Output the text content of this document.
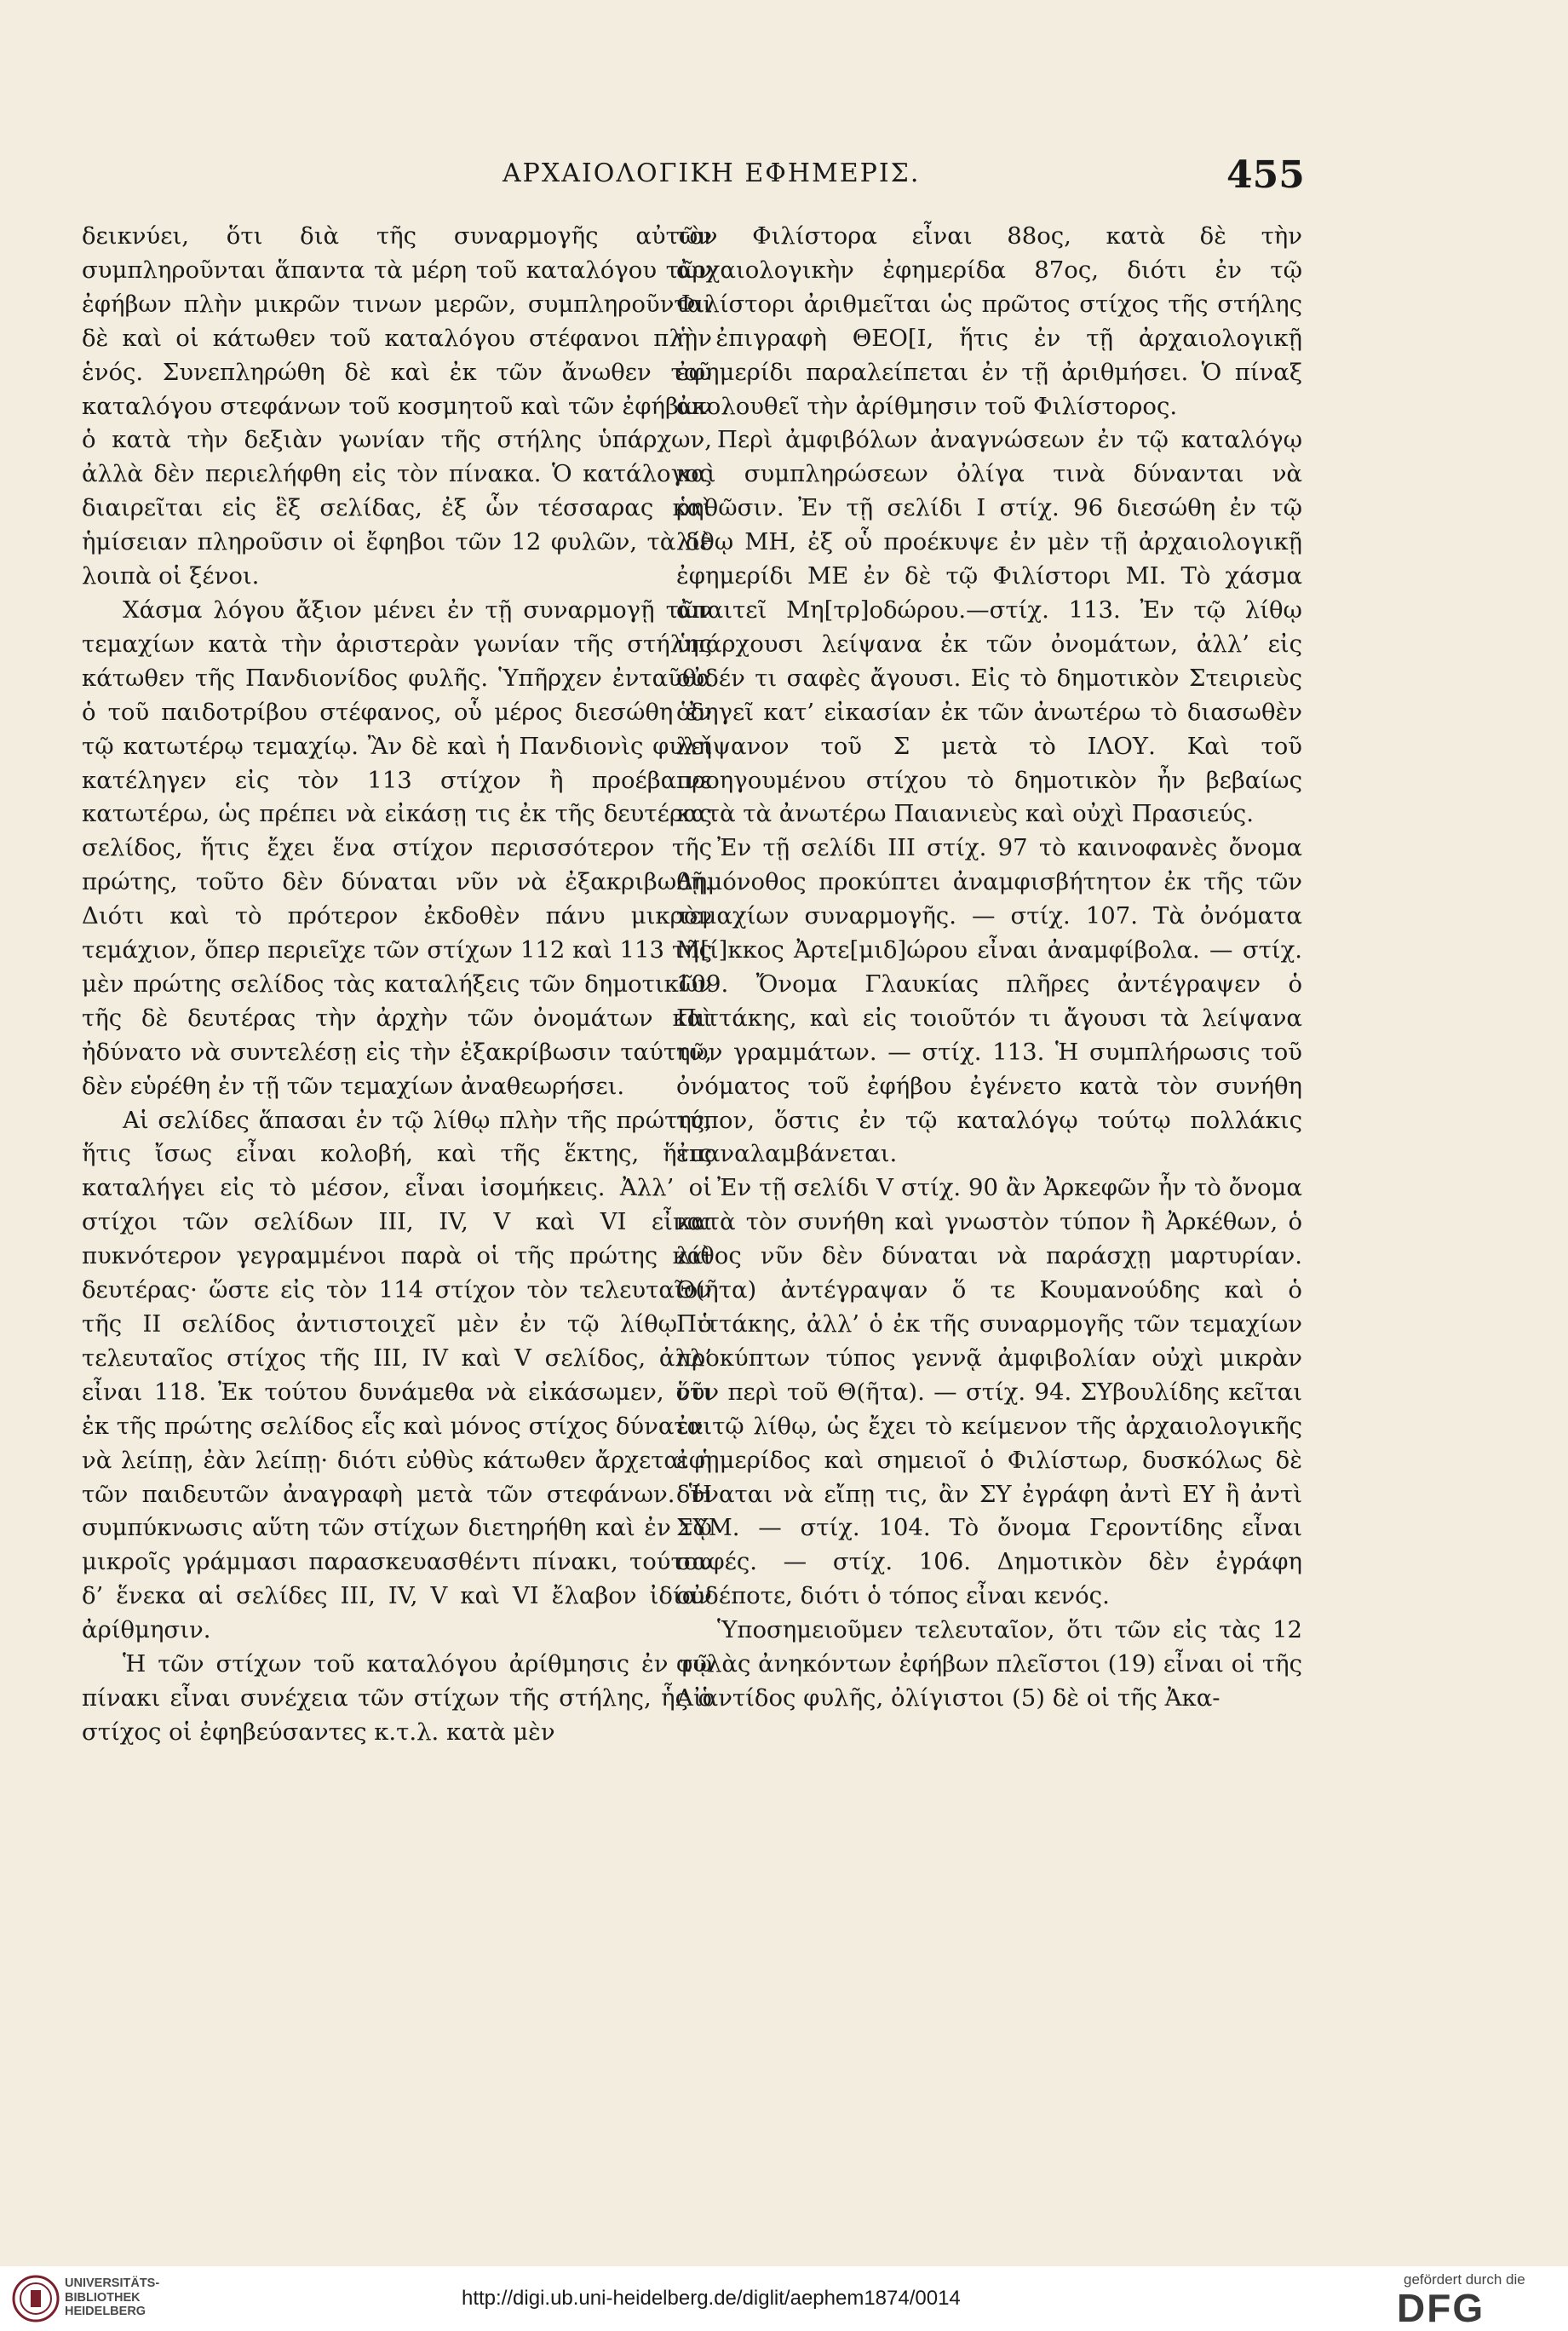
ΑΡΧΑΙΟΛΟΓΙΚΗ ΕΦΗΜΕΡΙΣ.	455

δεικνύει, ὅτι διὰ τῆς συναρμογῆς αὐτῶν συμπληροῦνται ἅπαντα τὰ μέρη τοῦ καταλόγου τῶν ἐφήβων πλὴν μικρῶν τινων μερῶν, συμπληροῦνται δὲ καὶ οἱ κάτωθεν τοῦ καταλόγου στέφανοι πλὴν ἑνός. Συνεπληρώθη δὲ καὶ ἐκ τῶν ἄνωθεν τοῦ καταλόγου στεφάνων τοῦ κοσμητοῦ καὶ τῶν ἐφήβων ὁ κατὰ τὴν δεξιὰν γωνίαν τῆς στήλης ὑπάρχων, ἀλλὰ δὲν περιελήφθη εἰς τὸν πίνακα. Ὁ κατάλογος διαιρεῖται εἰς ἓξ σελίδας, ἐξ ὧν τέσσαρας καὶ ἡμίσειαν πληροῦσιν οἱ ἔφηβοι τῶν 12 φυλῶν, τὰ δὲ λοιπὰ οἱ ξένοι.

Χάσμα λόγου ἄξιον μένει ἐν τῇ συναρμογῇ τῶν τεμαχίων κατὰ τὴν ἀριστερὰν γωνίαν τῆς στήλης κάτωθεν τῆς Πανδιονίδος φυλῆς. Ὑπῆρχεν ἐνταῦθα ὁ τοῦ παιδοτρίβου στέφανος, οὗ μέρος διεσώθη ἐν τῷ κατωτέρῳ τεμαχίῳ. Ἂν δὲ καὶ ἡ Πανδιονὶς φυλὴ κατέληγεν εἰς τὸν 113 στίχον ἢ προέβαινε κατωτέρω, ὡς πρέπει νὰ εἰκάσῃ τις ἐκ τῆς δευτέρας σελίδος, ἥτις ἔχει ἕνα στίχον περισσότερον τῆς πρώτης, τοῦτο δὲν δύναται νῦν νὰ ἐξακριβωθῇ. Διότι καὶ τὸ πρότερον ἐκδοθὲν πάνυ μικρὸν τεμάχιον, ὅπερ περιεῖχε τῶν στίχων 112 καὶ 113 τῆς μὲν πρώτης σελίδος τὰς καταλήξεις τῶν δημοτικῶν τῆς δὲ δευτέρας τὴν ἀρχὴν τῶν ὀνομάτων καὶ ἠδύνατο νὰ συντελέσῃ εἰς τὴν ἐξακρίβωσιν ταύτην, δὲν εὑρέθη ἐν τῇ τῶν τεμαχίων ἀναθεωρήσει.

Αἱ σελίδες ἅπασαι ἐν τῷ λίθῳ πλὴν τῆς πρώτης, ἥτις ἴσως εἶναι κολοβή, καὶ τῆς ἕκτης, ἥτις καταλήγει εἰς τὸ μέσον, εἶναι ἰσομήκεις. Ἀλλ’ οἱ στίχοι τῶν σελίδων III, IV, V καὶ VI εἶναι πυκνότερον γεγραμμένοι παρὰ οἱ τῆς πρώτης καὶ δευτέρας· ὥστε εἰς τὸν 114 στίχον τὸν τελευταῖον τῆς II σελίδος ἀντιστοιχεῖ μὲν ἐν τῷ λίθῳ ὁ τελευταῖος στίχος τῆς III, IV καὶ V σελίδος, ἀλλ’ εἶναι 118. Ἐκ τούτου δυνάμεθα νὰ εἰκάσωμεν, ὅτι ἐκ τῆς πρώτης σελίδος εἷς καὶ μόνος στίχος δύναται νὰ λείπῃ, ἐὰν λείπῃ· διότι εὐθὺς κάτωθεν ἄρχεται ἡ τῶν παιδευτῶν ἀναγραφὴ μετὰ τῶν στεφάνων. Ἡ συμπύκνωσις αὕτη τῶν στίχων διετηρήθη καὶ ἐν τῷ μικροῖς γράμμασι παρασκευασθέντι πίνακι, τούτου δ’ ἕνεκα αἱ σελίδες III, IV, V καὶ VI ἔλαβον ἰδίαν ἀρίθμησιν.

Ἡ τῶν στίχων τοῦ καταλόγου ἀρίθμησις ἐν τῷ πίνακι εἶναι συνέχεια τῶν στίχων τῆς στήλης, ἧς ὁ στίχος οἱ ἐφηβεύσαντες κ.τ.λ. κατὰ μὲν

τὸν Φιλίστορα εἶναι 88ος, κατὰ δὲ τὴν ἀρχαιολογικὴν ἐφημερίδα 87ος, διότι ἐν τῷ Φιλίστορι ἀριθμεῖται ὡς πρῶτος στίχος τῆς στήλης ἡ ἐπιγραφὴ ΘΕΟ[Ι, ἥτις ἐν τῇ ἀρχαιολογικῇ ἐφημερίδι παραλείπεται ἐν τῇ ἀριθμήσει. Ὁ πίναξ ἀκολουθεῖ τὴν ἀρίθμησιν τοῦ Φιλίστορος.

Περὶ ἀμφιβόλων ἀναγνώσεων ἐν τῷ καταλόγῳ καὶ συμπληρώσεων ὀλίγα τινὰ δύνανται νὰ ῥηθῶσιν. Ἐν τῇ σελίδι I στίχ. 96 διεσώθη ἐν τῷ λίθῳ ΜΗ, ἐξ οὗ προέκυψε ἐν μὲν τῇ ἀρχαιολογικῇ ἐφημερίδι ΜΕ ἐν δὲ τῷ Φιλίστορι ΜΙ. Τὸ χάσμα ἀπαιτεῖ Μη[τρ]οδώρου.—στίχ. 113. Ἐν τῷ λίθῳ ὑπάρχουσι λείψανα ἐκ τῶν ὀνομάτων, ἀλλ’ εἰς οὐδέν τι σαφὲς ἄγουσι. Εἰς τὸ δημοτικὸν Στειριεὺς ὁδηγεῖ κατ’ εἰκασίαν ἐκ τῶν ἀνωτέρω τὸ διασωθὲν λείψανον τοῦ Σ μετὰ τὸ ΙΛΟΥ. Καὶ τοῦ προηγουμένου στίχου τὸ δημοτικὸν ἦν βεβαίως κατὰ τὰ ἀνωτέρω Παιανιεὺς καὶ οὐχὶ Πρασιεύς.

Ἐν τῇ σελίδι III στίχ. 97 τὸ καινοφανὲς ὄνομα Δημόνοθος προκύπτει ἀναμφισβήτητον ἐκ τῆς τῶν τεμαχίων συναρμογῆς. — στίχ. 107. Τὰ ὀνόματα Μ[ί]κκος Ἀρτε[μιδ]ώρου εἶναι ἀναμφίβολα. — στίχ. 109. Ὄνομα Γλαυκίας πλῆρες ἀντέγραψεν ὁ Πιττάκης, καὶ εἰς τοιοῦτόν τι ἄγουσι τὰ λείψανα τῶν γραμμάτων. — στίχ. 113. Ἡ συμπλήρωσις τοῦ ὀνόματος τοῦ ἐφήβου ἐγένετο κατὰ τὸν συνήθη τύπον, ὅστις ἐν τῷ καταλόγῳ τούτῳ πολλάκις ἐπαναλαμβάνεται.

Ἐν τῇ σελίδι V στίχ. 90 ἂν Ἀρκεφῶν ἦν τὸ ὄνομα κατὰ τὸν συνήθη καὶ γνωστὸν τύπον ἢ Ἀρκέθων, ὁ λίθος νῦν δὲν δύναται νὰ παράσχῃ μαρτυρίαν. Θ(ῆτα) ἀντέγραψαν ὅ τε Κουμανούδης καὶ ὁ Πιττάκης, ἀλλ’ ὁ ἐκ τῆς συναρμογῆς τῶν τεμαχίων προκύπτων τύπος γεννᾷ ἀμφιβολίαν οὐχὶ μικρὰν νῦν περὶ τοῦ Θ(ῆτα). — στίχ. 94. ΣΥβουλίδης κεῖται ἐν τῷ λίθῳ, ὡς ἔχει τὸ κείμενον τῆς ἀρχαιολογικῆς ἐφημερίδος καὶ σημειοῖ ὁ Φιλίστωρ, δυσκόλως δὲ δύναται νὰ εἴπῃ τις, ἂν ΣΥ ἐγράφη ἀντὶ ΕΥ ἢ ἀντὶ ΣΥΜ. — στίχ. 104. Τὸ ὄνομα Γεροντίδης εἶναι σαφές. — στίχ. 106. Δημοτικὸν δὲν ἐγράφη οὐδέποτε, διότι ὁ τόπος εἶναι κενός.

Ὑποσημειοῦμεν τελευταῖον, ὅτι τῶν εἰς τὰς 12 φυλὰς ἀνηκόντων ἐφήβων πλεῖστοι (19) εἶναι οἱ τῆς Αἰαντίδος φυλῆς, ὀλίγιστοι (5) δὲ οἱ τῆς Ἀκα-

UNIVERSITÄTS-
BIBLIOTHEK
HEIDELBERG
http://digi.ub.uni-heidelberg.de/diglit/aephem1874/0014
gefördert durch die
DFG
